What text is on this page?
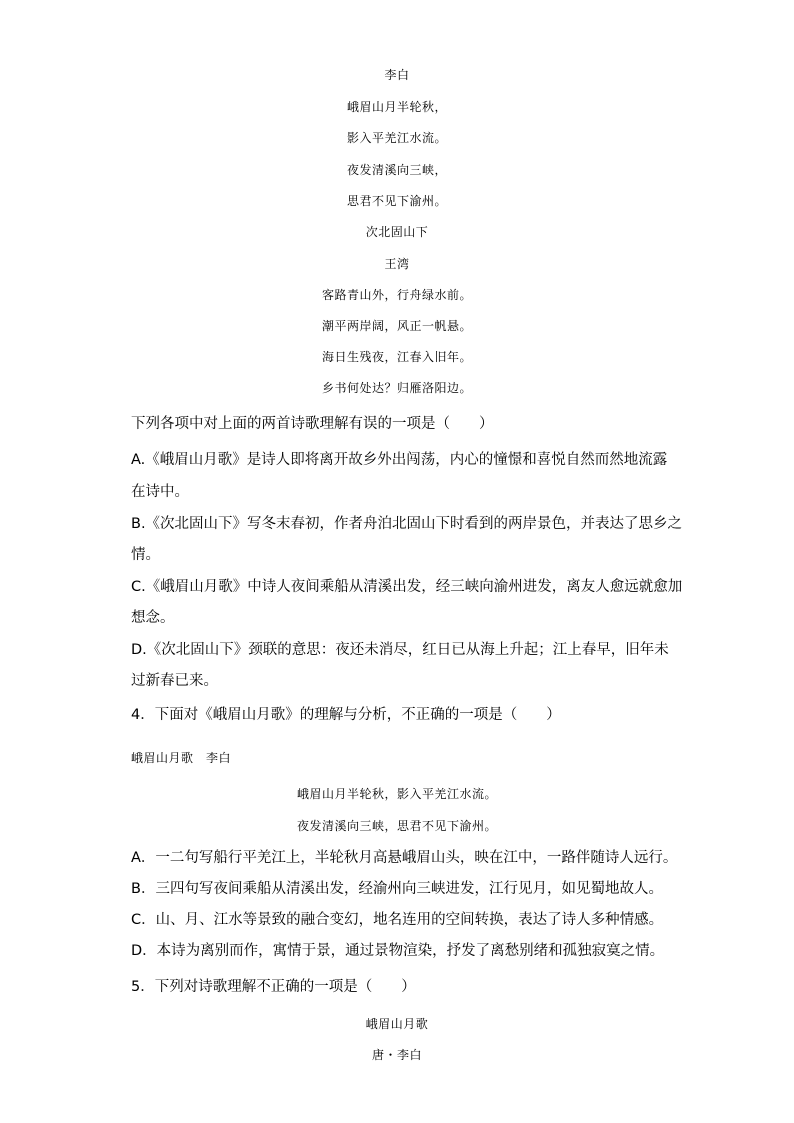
李白
峨眉山月半轮秋，
影入平羌江水流。
夜发清溪向三峡，
思君不见下渝州。
次北固山下
王湾
客路青山外，行舟绿水前。
潮平两岸阔，风正一帆悬。
海日生残夜，江春入旧年。
乡书何处达？归雁洛阳边。
下列各项中对上面的两首诗歌理解有误的一项是（　　）
A.《峨眉山月歌》是诗人即将离开故乡外出闯荡，内心的憧憬和喜悦自然而然地流露
在诗中。
B.《次北固山下》写冬末春初，作者舟泊北固山下时看到的两岸景色，并表达了思乡之
情。
C.《峨眉山月歌》中诗人夜间乘船从清溪出发，经三峡向渝州进发，离友人愈远就愈加
想念。
D.《次北固山下》颈联的意思：夜还未消尽，红日已从海上升起；江上春早，旧年未
过新春已来。
4．下面对《峨眉山月歌》的理解与分析，不正确的一项是（　　）
峨眉山月歌　李白
峨眉山月半轮秋，影入平羌江水流。
夜发清溪向三峡，思君不见下渝州。
A．一二句写船行平羌江上，半轮秋月高悬峨眉山头，映在江中，一路伴随诗人远行。
B．三四句写夜间乘船从清溪出发，经渝州向三峡进发，江行见月，如见蜀地故人。
C．山、月、江水等景致的融合变幻，地名连用的空间转换，表达了诗人多种情感。
D．本诗为离别而作，寓情于景，通过景物渲染，抒发了离愁别绪和孤独寂寞之情。
5．下列对诗歌理解不正确的一项是（　　）
峨眉山月歌
唐・李白
